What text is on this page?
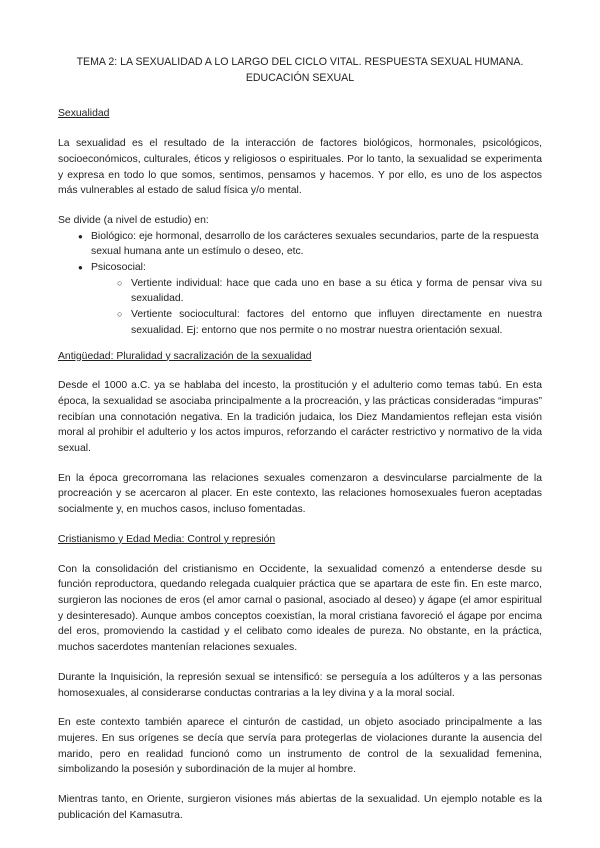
TEMA 2: LA SEXUALIDAD A LO LARGO DEL CICLO VITAL. RESPUESTA SEXUAL HUMANA.
EDUCACIÓN SEXUAL
Sexualidad

La sexualidad es el resultado de la interacción de factores biológicos, hormonales, psicológicos, socioeconómicos, culturales, éticos y religiosos o espirituales. Por lo tanto, la sexualidad se experimenta y expresa en todo lo que somos, sentimos, pensamos y hacemos. Y por ello, es uno de los aspectos más vulnerables al estado de salud física y/o mental.

Se divide (a nivel de estudio) en:
● Biológico: eje hormonal, desarrollo de los carácteres sexuales secundarios, parte de la respuesta sexual humana ante un estímulo o deseo, etc.
● Psicosocial:
○ Vertiente individual: hace que cada uno en base a su ética y forma de pensar viva su sexualidad.
○ Vertiente sociocultural: factores del entorno que influyen directamente en nuestra sexualidad. Ej: entorno que nos permite o no mostrar nuestra orientación sexual.
Antigüedad: Pluralidad y sacralización de la sexualidad

Desde el 1000 a.C. ya se hablaba del incesto, la prostitución y el adulterio como temas tabú. En esta época, la sexualidad se asociaba principalmente a la procreación, y las prácticas consideradas “impuras” recibían una connotación negativa. En la tradición judaica, los Diez Mandamientos reflejan esta visión moral al prohibir el adulterio y los actos impuros, reforzando el carácter restrictivo y normativo de la vida sexual.

En la época grecorromana las relaciones sexuales comenzaron a desvincularse parcialmente de la procreación y se acercaron al placer. En este contexto, las relaciones homosexuales fueron aceptadas socialmente y, en muchos casos, incluso fomentadas.

Cristianismo y Edad Media: Control y represión

Con la consolidación del cristianismo en Occidente, la sexualidad comenzó a entenderse desde su función reproductora, quedando relegada cualquier práctica que se apartara de este fin. En este marco, surgieron las nociones de eros (el amor carnal o pasional, asociado al deseo) y ágape (el amor espiritual y desinteresado). Aunque ambos conceptos coexistían, la moral cristiana favoreció el ágape por encima del eros, promoviendo la castidad y el celibato como ideales de pureza. No obstante, en la práctica, muchos sacerdotes mantenían relaciones sexuales.

Durante la Inquisición, la represión sexual se intensificó: se perseguía a los adúlteros y a las personas homosexuales, al considerarse conductas contrarias a la ley divina y a la moral social.

En este contexto también aparece el cinturón de castidad, un objeto asociado principalmente a las mujeres. En sus orígenes se decía que servía para protegerlas de violaciones durante la ausencia del marido, pero en realidad funcionó como un instrumento de control de la sexualidad femenina, simbolizando la posesión y subordinación de la mujer al hombre.

Mientras tanto, en Oriente, surgieron visiones más abiertas de la sexualidad. Un ejemplo notable es la publicación del Kamasutra.
